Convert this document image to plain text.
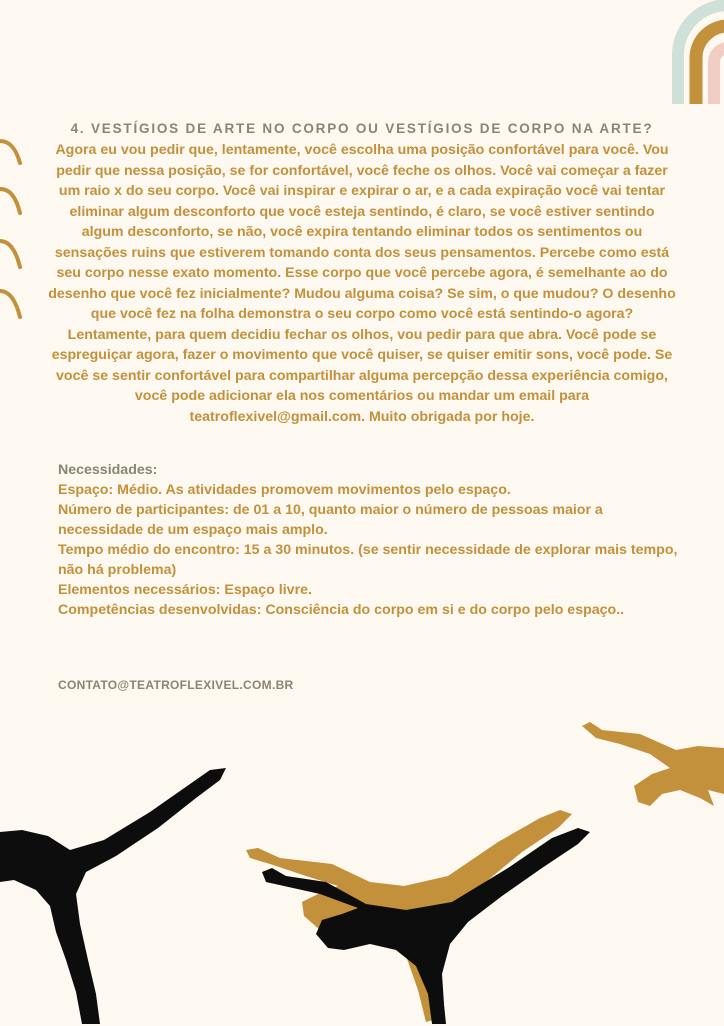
4. VESTÍGIOS DE ARTE NO CORPO OU VESTÍGIOS DE CORPO NA ARTE?

Agora eu vou pedir que, lentamente, você escolha uma posição confortável para você. Vou pedir que nessa posição, se for confortável, você feche os olhos. Você vai começar a fazer um raio x do seu corpo. Você vai inspirar e expirar o ar, e a cada expiração você vai tentar eliminar algum desconforto que você esteja sentindo, é claro, se você estiver sentindo algum desconforto, se não, você expira tentando eliminar todos os sentimentos ou sensações ruins que estiverem tomando conta dos seus pensamentos. Percebe como está seu corpo nesse exato momento. Esse corpo que você percebe agora, é semelhante ao do desenho que você fez inicialmente? Mudou alguma coisa? Se sim, o que mudou? O desenho que você fez na folha demonstra o seu corpo como você está sentindo-o agora? Lentamente, para quem decidiu fechar os olhos, vou pedir para que abra. Você pode se espreguiçar agora, fazer o movimento que você quiser, se quiser emitir sons, você pode. Se você se sentir confortável para compartilhar alguma percepção dessa experiência comigo, você pode adicionar ela nos comentários ou mandar um email para teatroflexivel@gmail.com. Muito obrigada por hoje.

Necessidades:
Espaço: Médio. As atividades promovem movimentos pelo espaço.
Número de participantes: de 01 a 10, quanto maior o número de pessoas maior a necessidade de um espaço mais amplo.
Tempo médio do encontro: 15 a 30 minutos. (se sentir necessidade de explorar mais tempo, não há problema)
Elementos necessários: Espaço livre.
Competências desenvolvidas: Consciência do corpo em si e do corpo pelo espaço..
CONTATO@TEATROFLEXIVEL.COM.BR
